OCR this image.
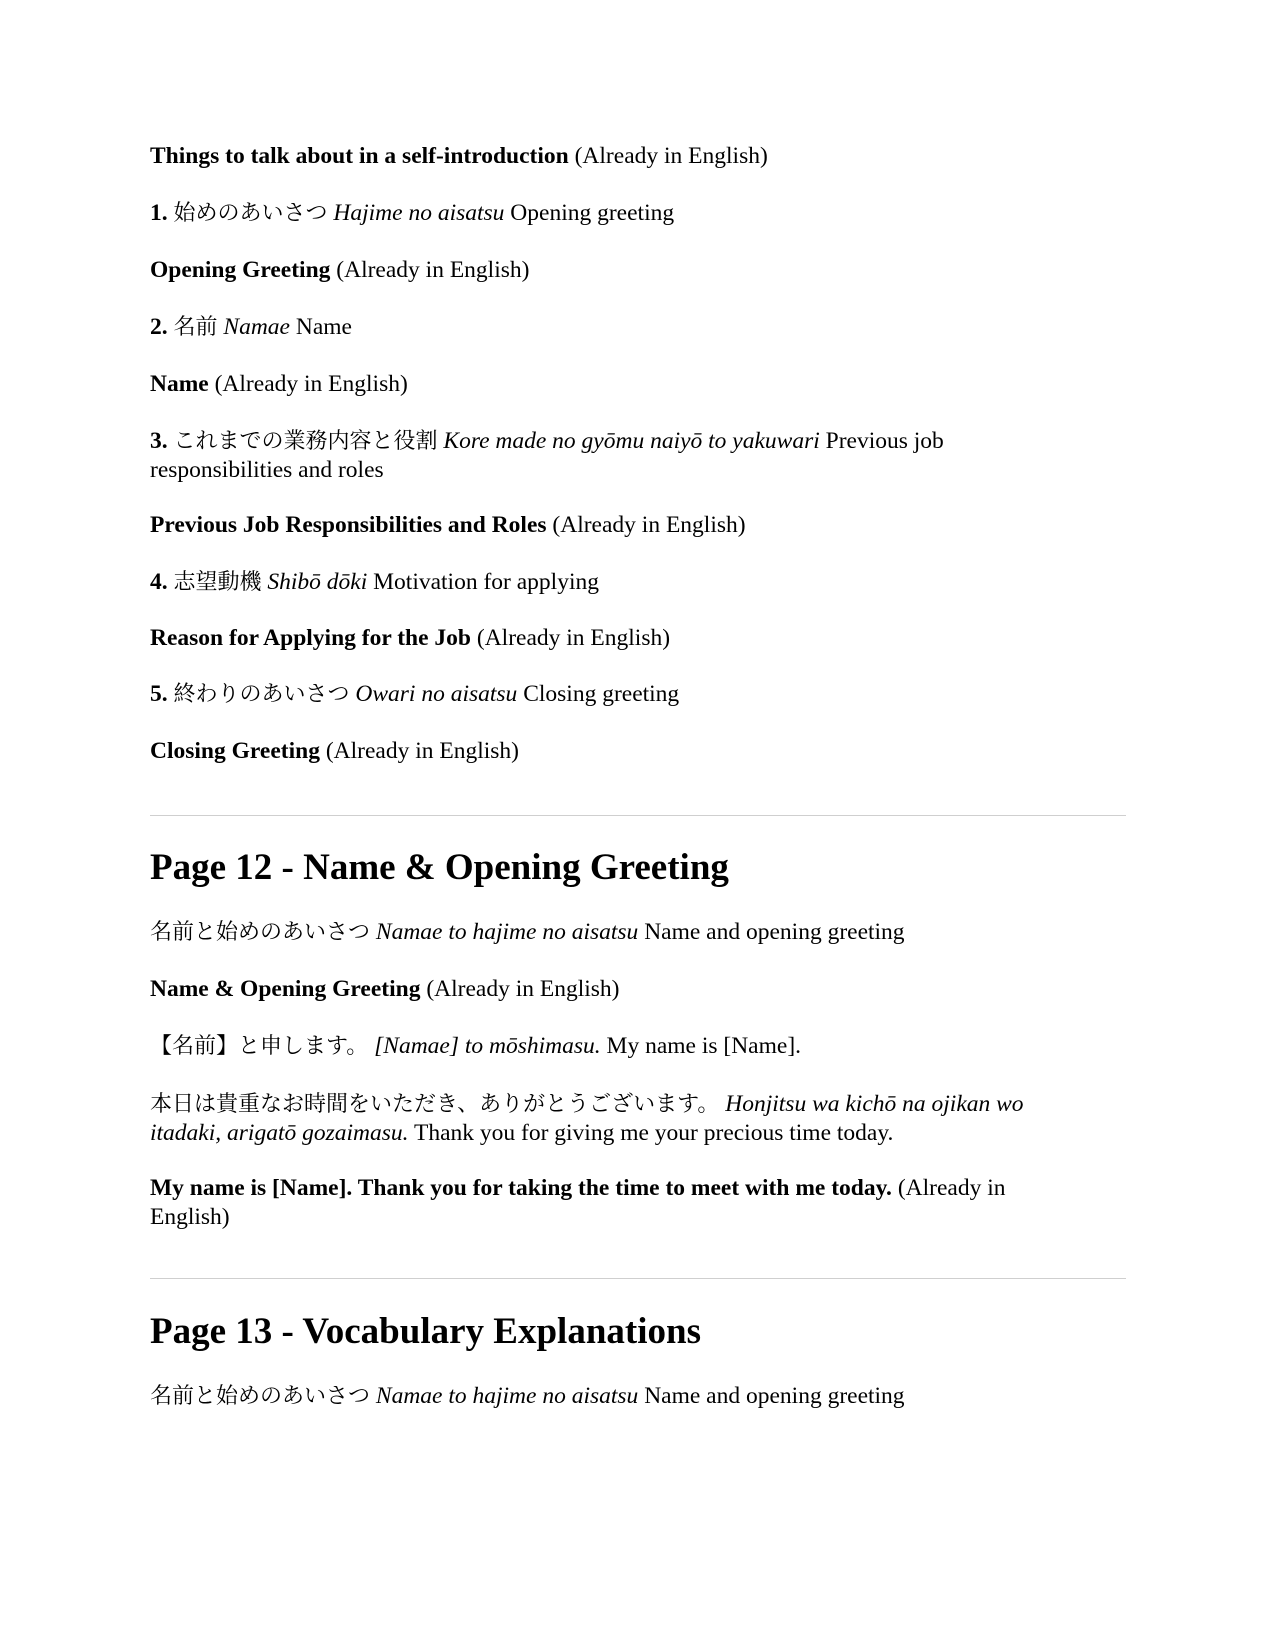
Things to talk about in a self-introduction (Already in English)

1. 始めのあいさつ Hajime no aisatsu Opening greeting

Opening Greeting (Already in English)

2. 名前 Namae Name

Name (Already in English)

3. これまでの業務内容と役割 Kore made no gyōmu naiyō to yakuwari Previous job responsibilities and roles

Previous Job Responsibilities and Roles (Already in English)

4. 志望動機 Shibō dōki Motivation for applying

Reason for Applying for the Job (Already in English)

5. 終わりのあいさつ Owari no aisatsu Closing greeting

Closing Greeting (Already in English)

Page 12 - Name & Opening Greeting

名前と始めのあいさつ Namae to hajime no aisatsu Name and opening greeting

Name & Opening Greeting (Already in English)

【名前】と申します。 [Namae] to mōshimasu. My name is [Name].

本日は貴重なお時間をいただき、ありがとうございます。 Honjitsu wa kichō na ojikan wo itadaki, arigatō gozaimasu. Thank you for giving me your precious time today.

My name is [Name]. Thank you for taking the time to meet with me today. (Already in English)

Page 13 - Vocabulary Explanations

名前と始めのあいさつ Namae to hajime no aisatsu Name and opening greeting
